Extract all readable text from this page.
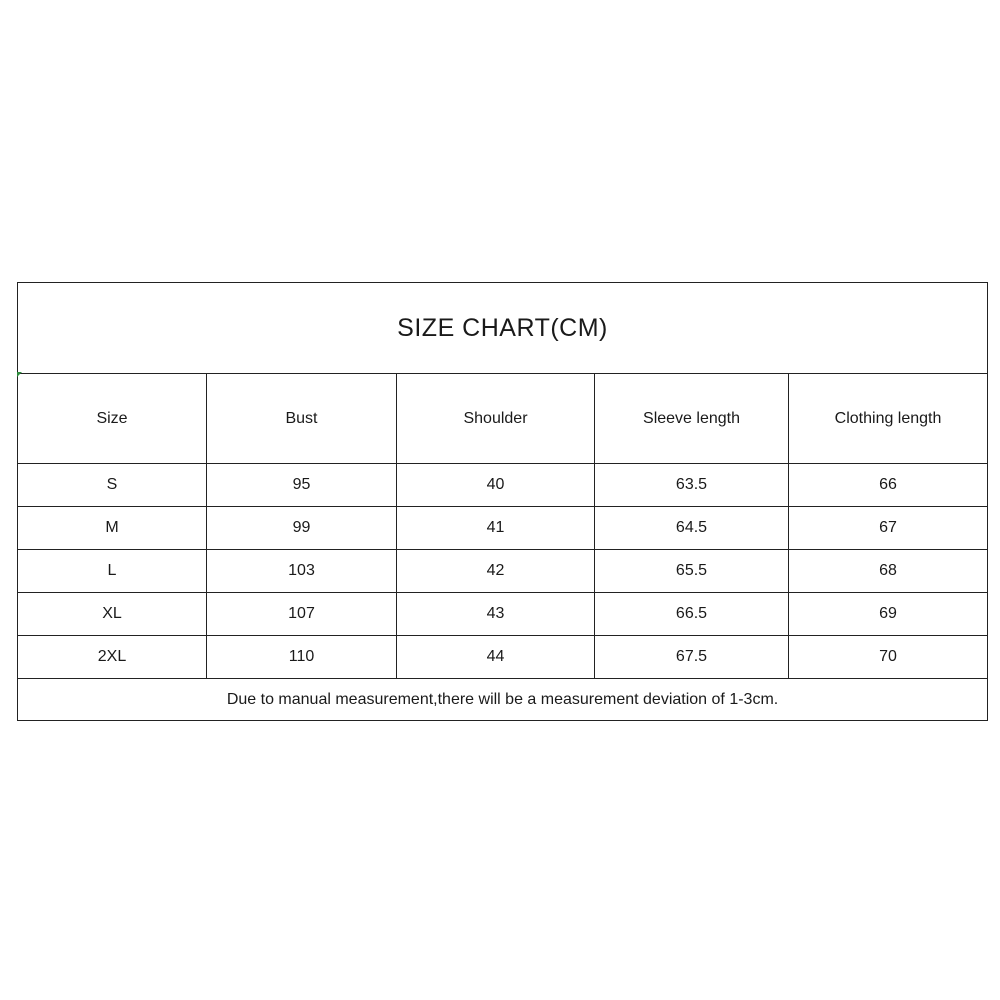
SIZE CHART(CM)				
Size	Bust	Shoulder	Sleeve length	Clothing length
S	95	40	63.5	66
M	99	41	64.5	67
L	103	42	65.5	68
XL	107	43	66.5	69
2XL	110	44	67.5	70
Due to manual measurement,there will be a measurement deviation of 1-3cm.				
